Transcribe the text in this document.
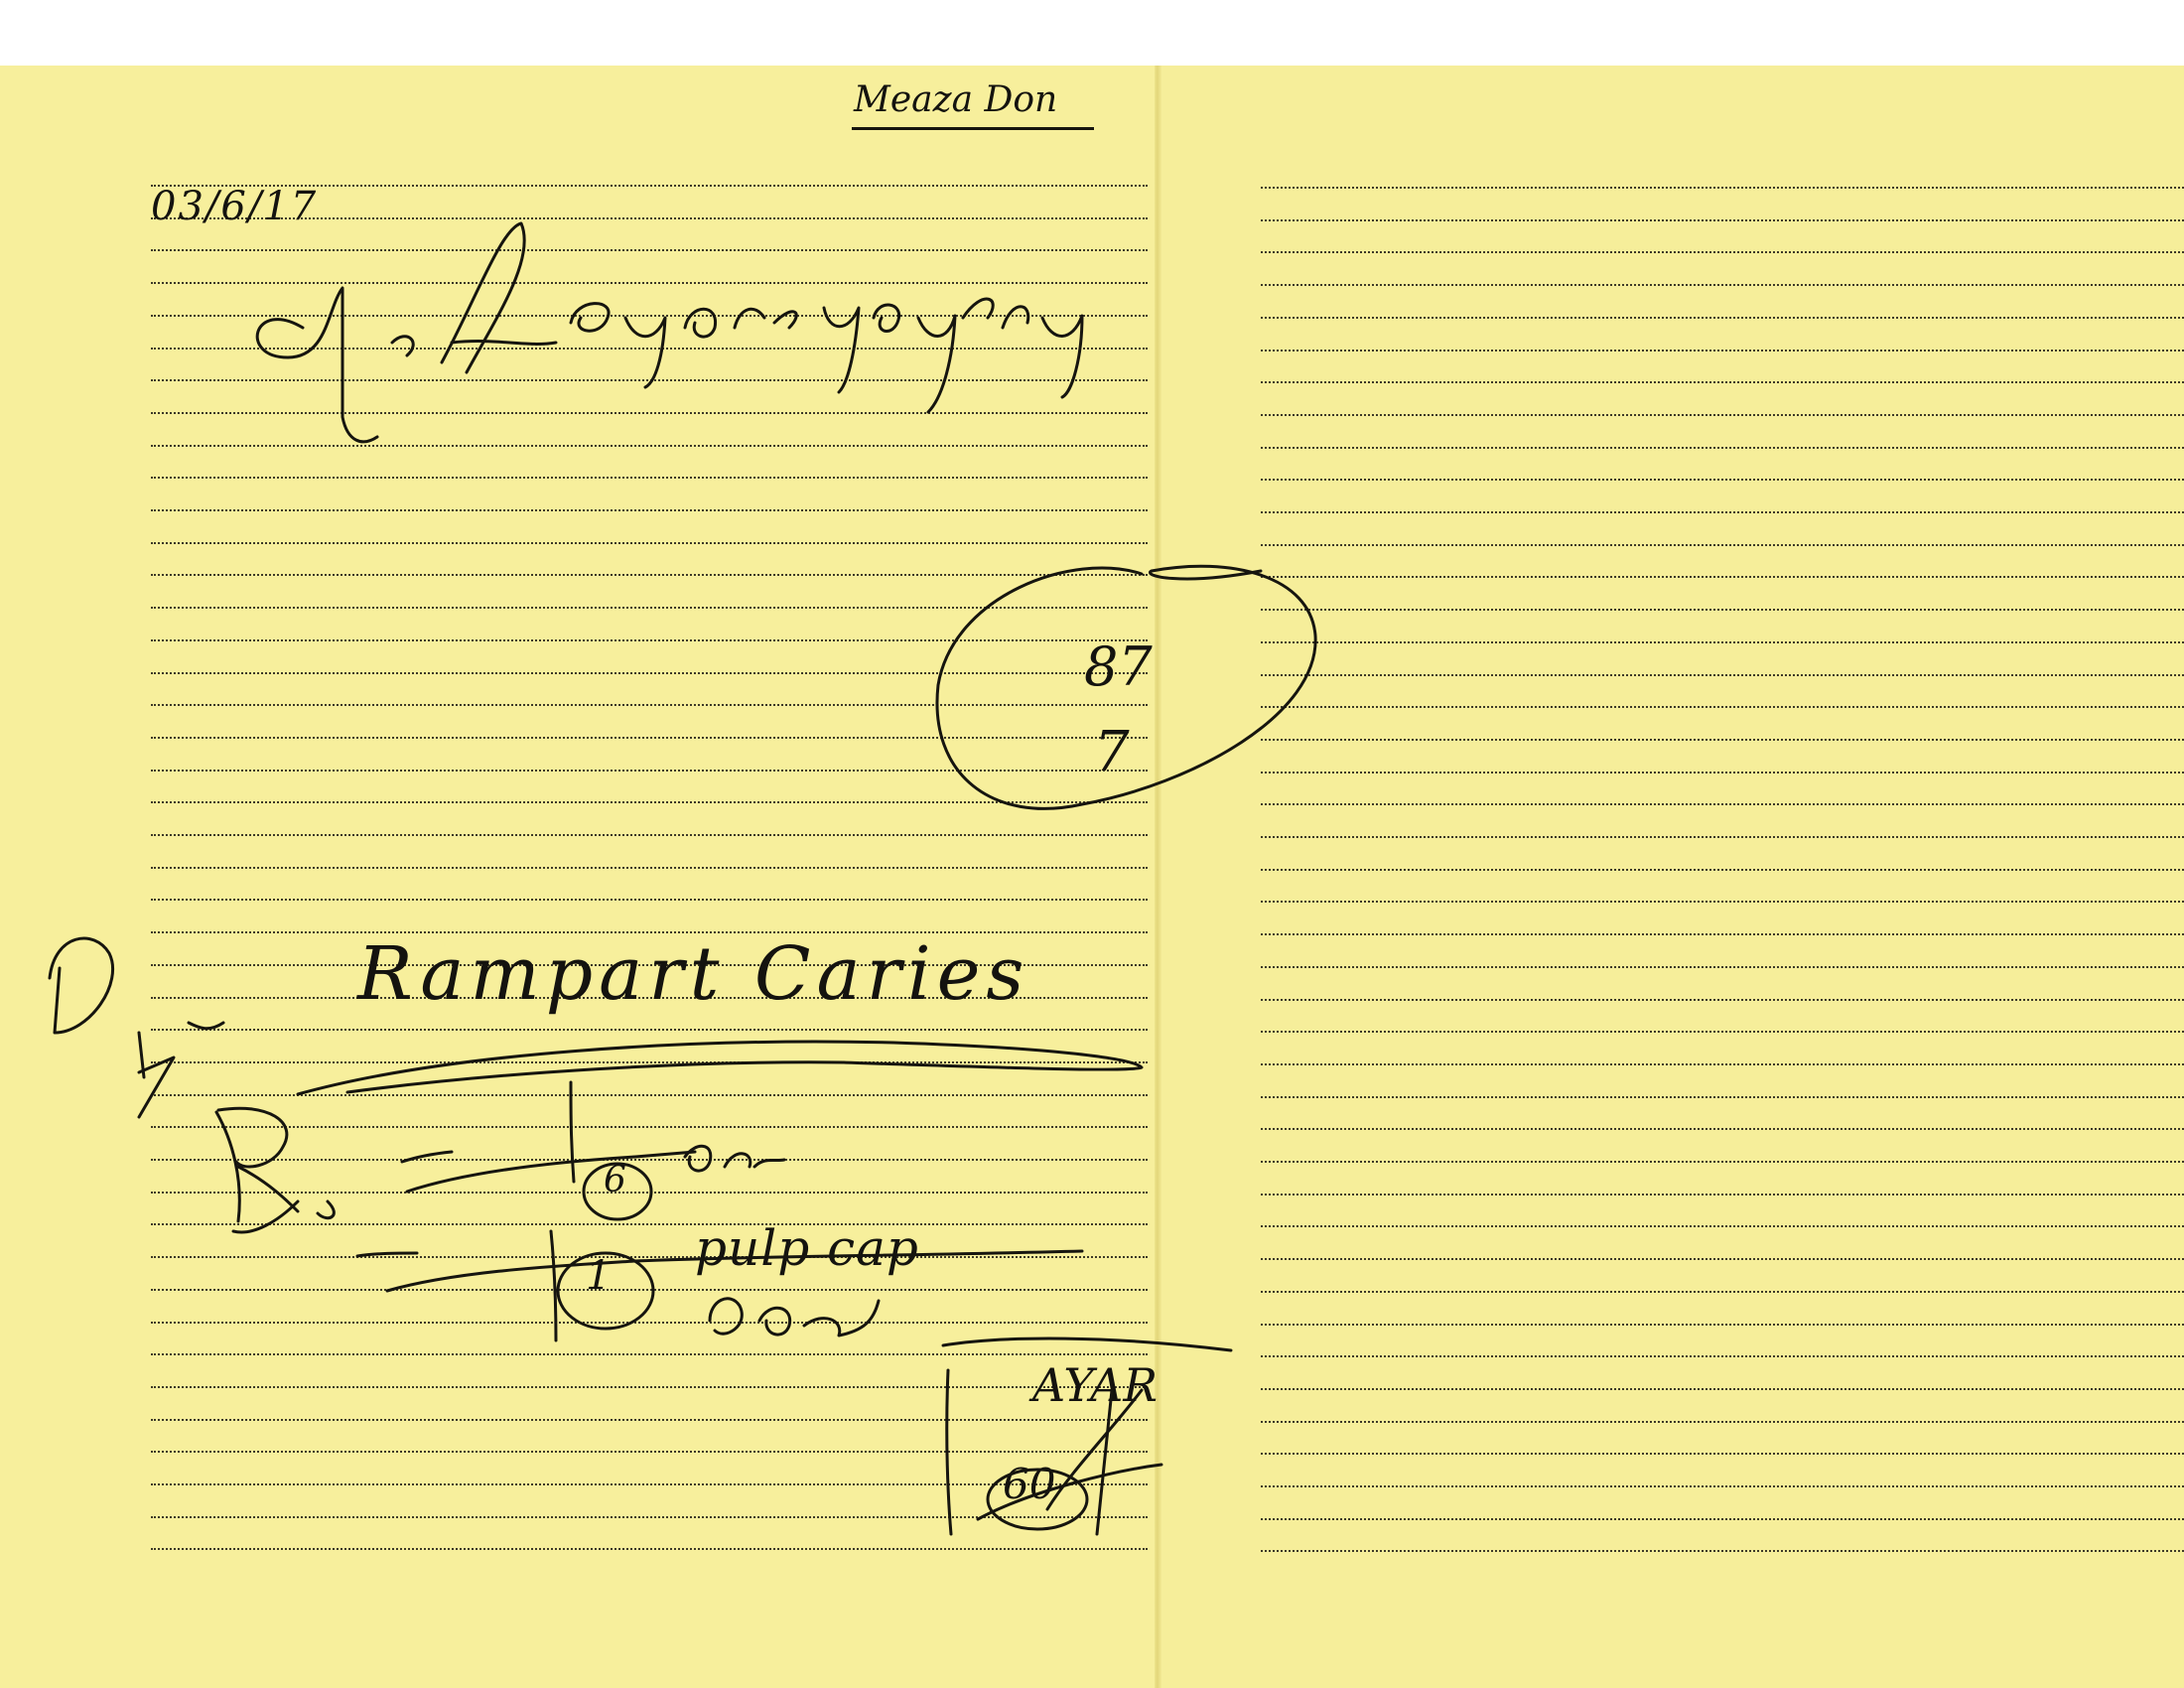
Meaza Don
03/6/17
87
7
Rampart Caries
6
pulp cap
1
AYAR
60
